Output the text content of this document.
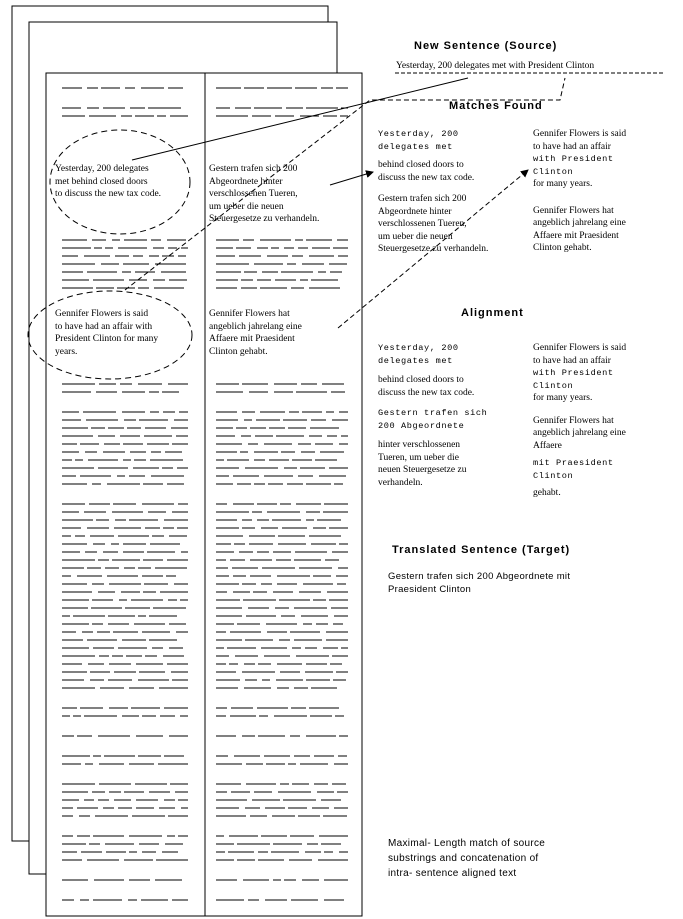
Yesterday, 200 delegates

met behind closed doors

to discuss the new tax code.

Gestern trafen sich 200

Abgeordnete hinter

verschlossenen Tueren,

um ueber die neuen

Steuergesetze zu verhandeln.

Gennifer Flowers is said

to have had an affair with

President Clinton for many

years.

Gennifer Flowers hat

angeblich jahrelang eine

Affaere mit Praesident

Clinton gehabt.

New Sentence (Source)
Yesterday, 200 delegates met with President Clinton
Matches Found
Alignment
Translated Sentence (Target)

Yesterday, 200

delegates met

behind closed doors to

discuss the new tax code.

Gestern trafen sich 200

Abgeordnete hinter

verschlossenen Tueren,

um ueber die neuen

Steuergesetze zu verhandeln.

Gennifer Flowers is said

to have had an affair

with President

Clinton

for many years.

Gennifer Flowers hat

angeblich jahrelang eine

Affaere mit Praesident

Clinton gehabt.

Yesterday, 200

delegates met

behind closed doors to

discuss the new tax code.

Gestern trafen sich

200 Abgeordnete

hinter verschlossenen

Tueren, um ueber die

neuen Steuergesetze zu

verhandeln.

Gennifer Flowers is said

to have had an affair

with President

Clinton

for many years.

Gennifer Flowers hat

angeblich jahrelang eine

Affaere

mit Praesident

Clinton

gehabt.

Gestern trafen sich 200 Abgeordnete mit

Praesident Clinton

Maximal- Length match of source

substrings and concatenation of

intra- sentence aligned text
